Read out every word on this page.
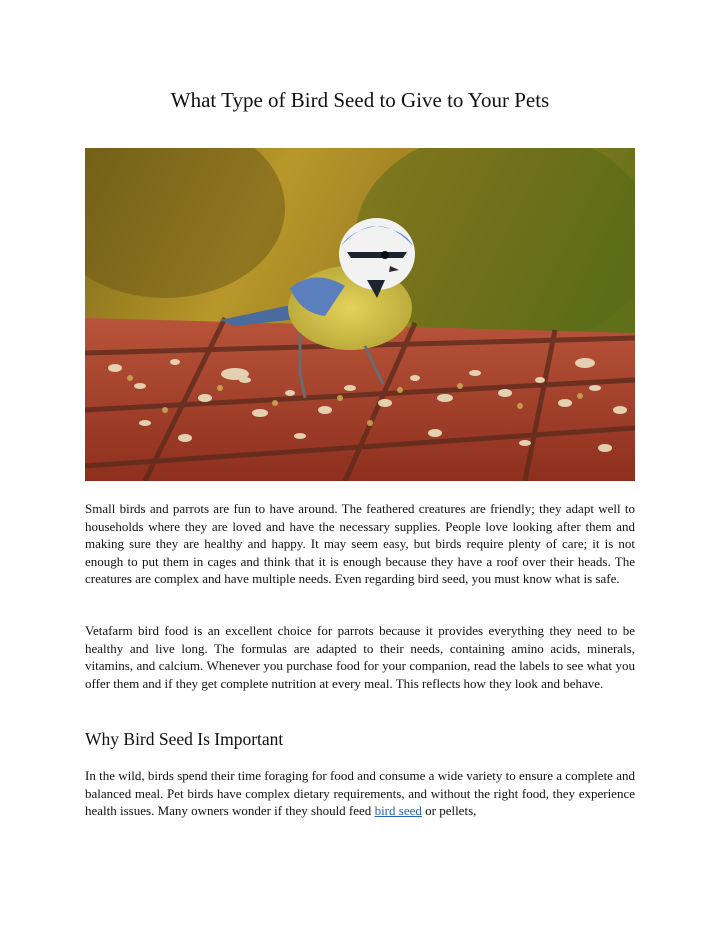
What Type of Bird Seed to Give to Your Pets

Small birds and parrots are fun to have around. The feathered creatures are friendly; they adapt well to households where they are loved and have the necessary supplies. People love looking after them and making sure they are healthy and happy. It may seem easy, but birds require plenty of care; it is not enough to put them in cages and think that it is enough because they have a roof over their heads. The creatures are complex and have multiple needs. Even regarding bird seed, you must know what is safe.

Vetafarm bird food is an excellent choice for parrots because it provides everything they need to be healthy and live long. The formulas are adapted to their needs, containing amino acids, minerals, vitamins, and calcium. Whenever you purchase food for your companion, read the labels to see what you offer them and if they get complete nutrition at every meal. This reflects how they look and behave.

Why Bird Seed Is Important

In the wild, birds spend their time foraging for food and consume a wide variety to ensure a complete and balanced meal. Pet birds have complex dietary requirements, and without the right food, they experience health issues. Many owners wonder if they should feed bird seed or pellets,
